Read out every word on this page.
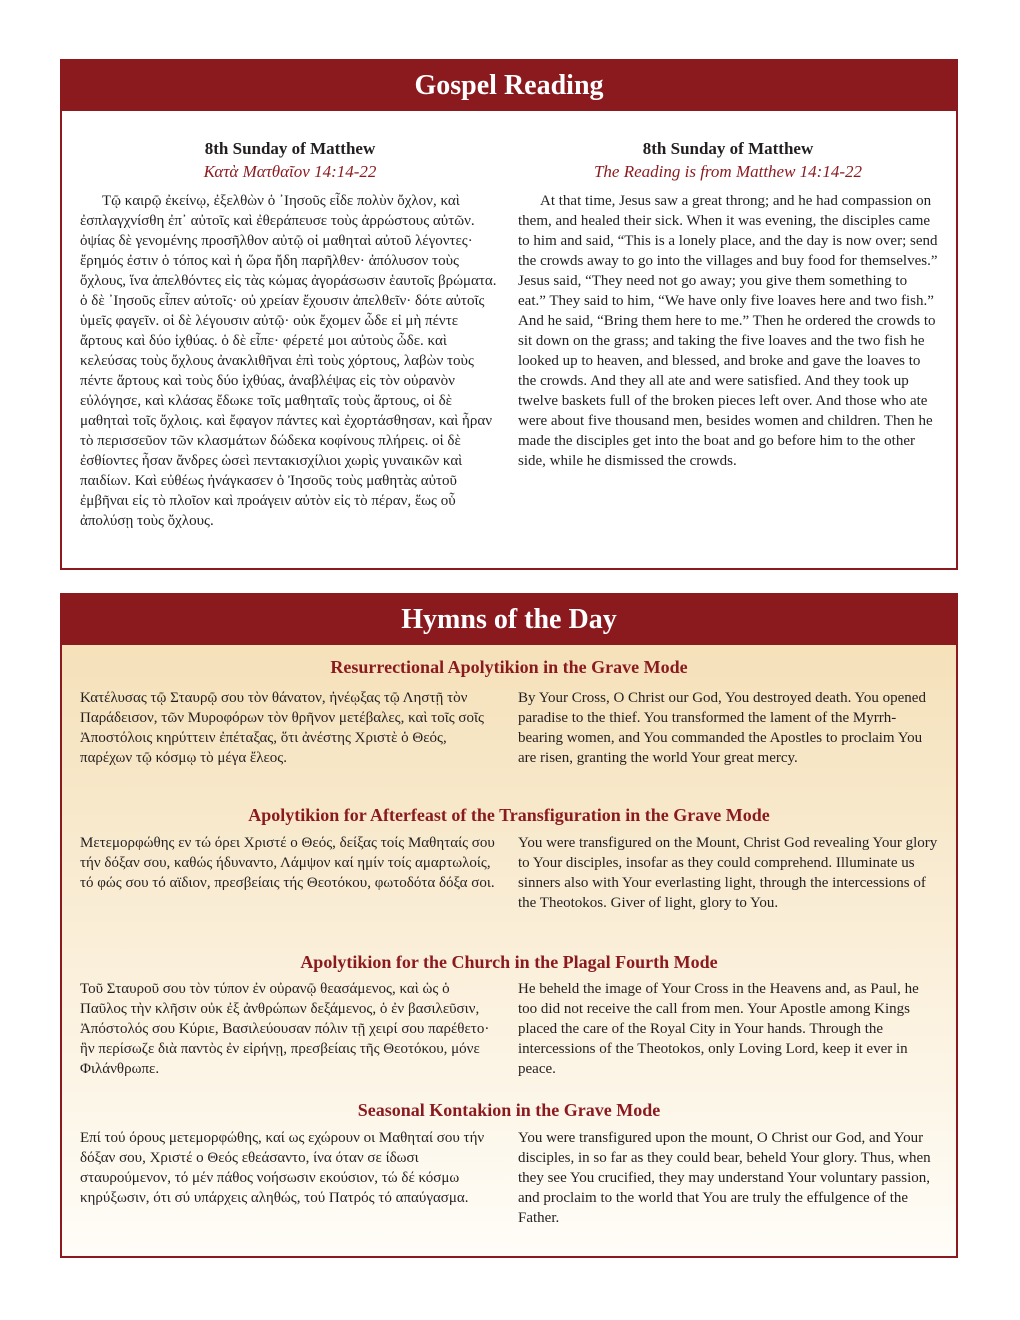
Gospel Reading
8th Sunday of Matthew
Κατὰ Ματθαῖον 14:14-22
Τῷ καιρῷ ἐκείνῳ, ἐξελθὼν ὁ ᾿Ιησοῦς εἶδε πολὺν ὄχλον, καὶ ἐσπλαγχνίσθη ἐπ᾿ αὐτοῖς καὶ ἐθεράπευσε τοὺς ἀρρώστους αὐτῶν. ὀψίας δὲ γενομένης προσῆλθον αὐτῷ οἱ μαθηταὶ αὐτοῦ λέγοντες· ἔρημός ἐστιν ὁ τόπος καὶ ἡ ὥρα ἤδη παρῆλθεν· ἀπόλυσον τοὺς ὄχλους, ἵνα ἀπελθόντες εἰς τὰς κώμας ἀγοράσωσιν ἑαυτοῖς βρώματα. ὁ δὲ ᾿Ιησοῦς εἶπεν αὐτοῖς· οὐ χρείαν ἔχουσιν ἀπελθεῖν· δότε αὐτοῖς ὑμεῖς φαγεῖν. οἱ δὲ λέγουσιν αὐτῷ· οὐκ ἔχομεν ὧδε εἰ μὴ πέντε ἄρτους καὶ δύο ἰχθύας. ὁ δὲ εἶπε· φέρετέ μοι αὐτοὺς ὧδε. καὶ κελεύσας τοὺς ὄχλους ἀνακλιθῆναι ἐπὶ τοὺς χόρτους, λαβὼν τοὺς πέντε ἄρτους καὶ τοὺς δύο ἰχθύας, ἀναβλέψας εἰς τὸν οὐρανὸν εὐλόγησε, καὶ κλάσας ἔδωκε τοῖς μαθηταῖς τοὺς ἄρτους, οἱ δὲ μαθηταὶ τοῖς ὄχλοις. καὶ ἔφαγον πάντες καὶ ἐχορτάσθησαν, καὶ ἦραν τὸ περισσεῦον τῶν κλασμάτων δώδεκα κοφίνους πλήρεις. οἱ δὲ ἐσθίοντες ἦσαν ἄνδρες ὡσεὶ πεντακισχίλιοι χωρὶς γυναικῶν καὶ παιδίων. Καὶ εὐθέως ἠνάγκασεν ὁ Ἰησοῦς τοὺς μαθητὰς αὐτοῦ ἐμβῆναι εἰς τὸ πλοῖον καὶ προάγειν αὐτὸν εἰς τὸ πέραν, ἕως οὗ ἀπολύσῃ τοὺς ὄχλους.
8th Sunday of Matthew
The Reading is from Matthew 14:14-22
At that time, Jesus saw a great throng; and he had compassion on them, and healed their sick. When it was evening, the disciples came to him and said, “This is a lonely place, and the day is now over; send the crowds away to go into the villages and buy food for themselves.” Jesus said, “They need not go away; you give them something to eat.” They said to him, “We have only five loaves here and two fish.” And he said, “Bring them here to me.” Then he ordered the crowds to sit down on the grass; and taking the five loaves and the two fish he looked up to heaven, and blessed, and broke and gave the loaves to the crowds. And they all ate and were satisfied. And they took up twelve baskets full of the broken pieces left over. And those who ate were about five thousand men, besides women and children. Then he made the disciples get into the boat and go before him to the other side, while he dismissed the crowds.
Hymns of the Day
Resurrectional Apolytikion in the Grave Mode
Κατέλυσας τῷ Σταυρῷ σου τὸν θάνατον, ἠνέῳξας τῷ Ληστῇ τὸν Παράδεισον, τῶν Μυροφόρων τὸν θρῆνον μετέβαλες, καὶ τοῖς σοῖς Ἀποστόλοις κηρύττειν ἐπέταξας, ὅτι ἀνέστης Χριστὲ ὁ Θεός, παρέχων τῷ κόσμῳ τὸ μέγα ἔλεος.
By Your Cross, O Christ our God, You destroyed death. You opened paradise to the thief. You transformed the lament of the Myrrh-bearing women, and You commanded the Apostles to proclaim You are risen, granting the world Your great mercy.
Apolytikion for Afterfeast of the Transfiguration in the Grave Mode
Μετεμορφώθης εν τώ όρει Χριστέ ο Θεός, δείξας τοίς Μαθηταίς σου τήν δόξαν σου, καθώς ήδυναντο, Λάμψον καί ημίν τοίς αμαρτωλοίς, τό φώς σου τό αϊδιον, πρεσβείαις τής Θεοτόκου, φωτοδότα δόξα σοι.
You were transfigured on the Mount, Christ God revealing Your glory to Your disciples, insofar as they could comprehend. Illuminate us sinners also with Your everlasting light, through the intercessions of the Theotokos. Giver of light, glory to You.
Apolytikion for the Church in the Plagal Fourth Mode
Τοῦ Σταυροῦ σου τὸν τύπον ἐν οὐρανῷ θεασάμενος, καὶ ὡς ὁ Παῦλος τὴν κλῆσιν οὐκ ἐξ ἀνθρώπων δεξάμενος, ὁ ἐν βασιλεῦσιν, Ἀπόστολός σου Κύριε, Βασιλεύουσαν πόλιν τῇ χειρί σου παρέθετο· ἣν περίσωζε διὰ παντὸς ἐν εἰρήνῃ, πρεσβείαις τῆς Θεοτόκου, μόνε Φιλάνθρωπε.
He beheld the image of Your Cross in the Heavens and, as Paul, he too did not receive the call from men. Your Apostle among Kings placed the care of the Royal City in Your hands. Through the intercessions of the Theotokos, only Loving Lord, keep it ever in peace.
Seasonal Kontakion in the Grave Mode
Επί τού όρους μετεμορφώθης, καί ως εχώρουν οι Μαθηταί σου τήν δόξαν σου, Χριστέ ο Θεός εθεάσαντο, ίνα όταν σε ίδωσι σταυρούμενον, τό μέν πάθος νοήσωσιν εκούσιον, τώ δέ κόσμω κηρύξωσιν, ότι σύ υπάρχεις αληθώς, τού Πατρός τό απαύγασμα.
You were transfigured upon the mount, O Christ our God, and Your disciples, in so far as they could bear, beheld Your glory. Thus, when they see You crucified, they may understand Your voluntary passion, and proclaim to the world that You are truly the effulgence of the Father.
